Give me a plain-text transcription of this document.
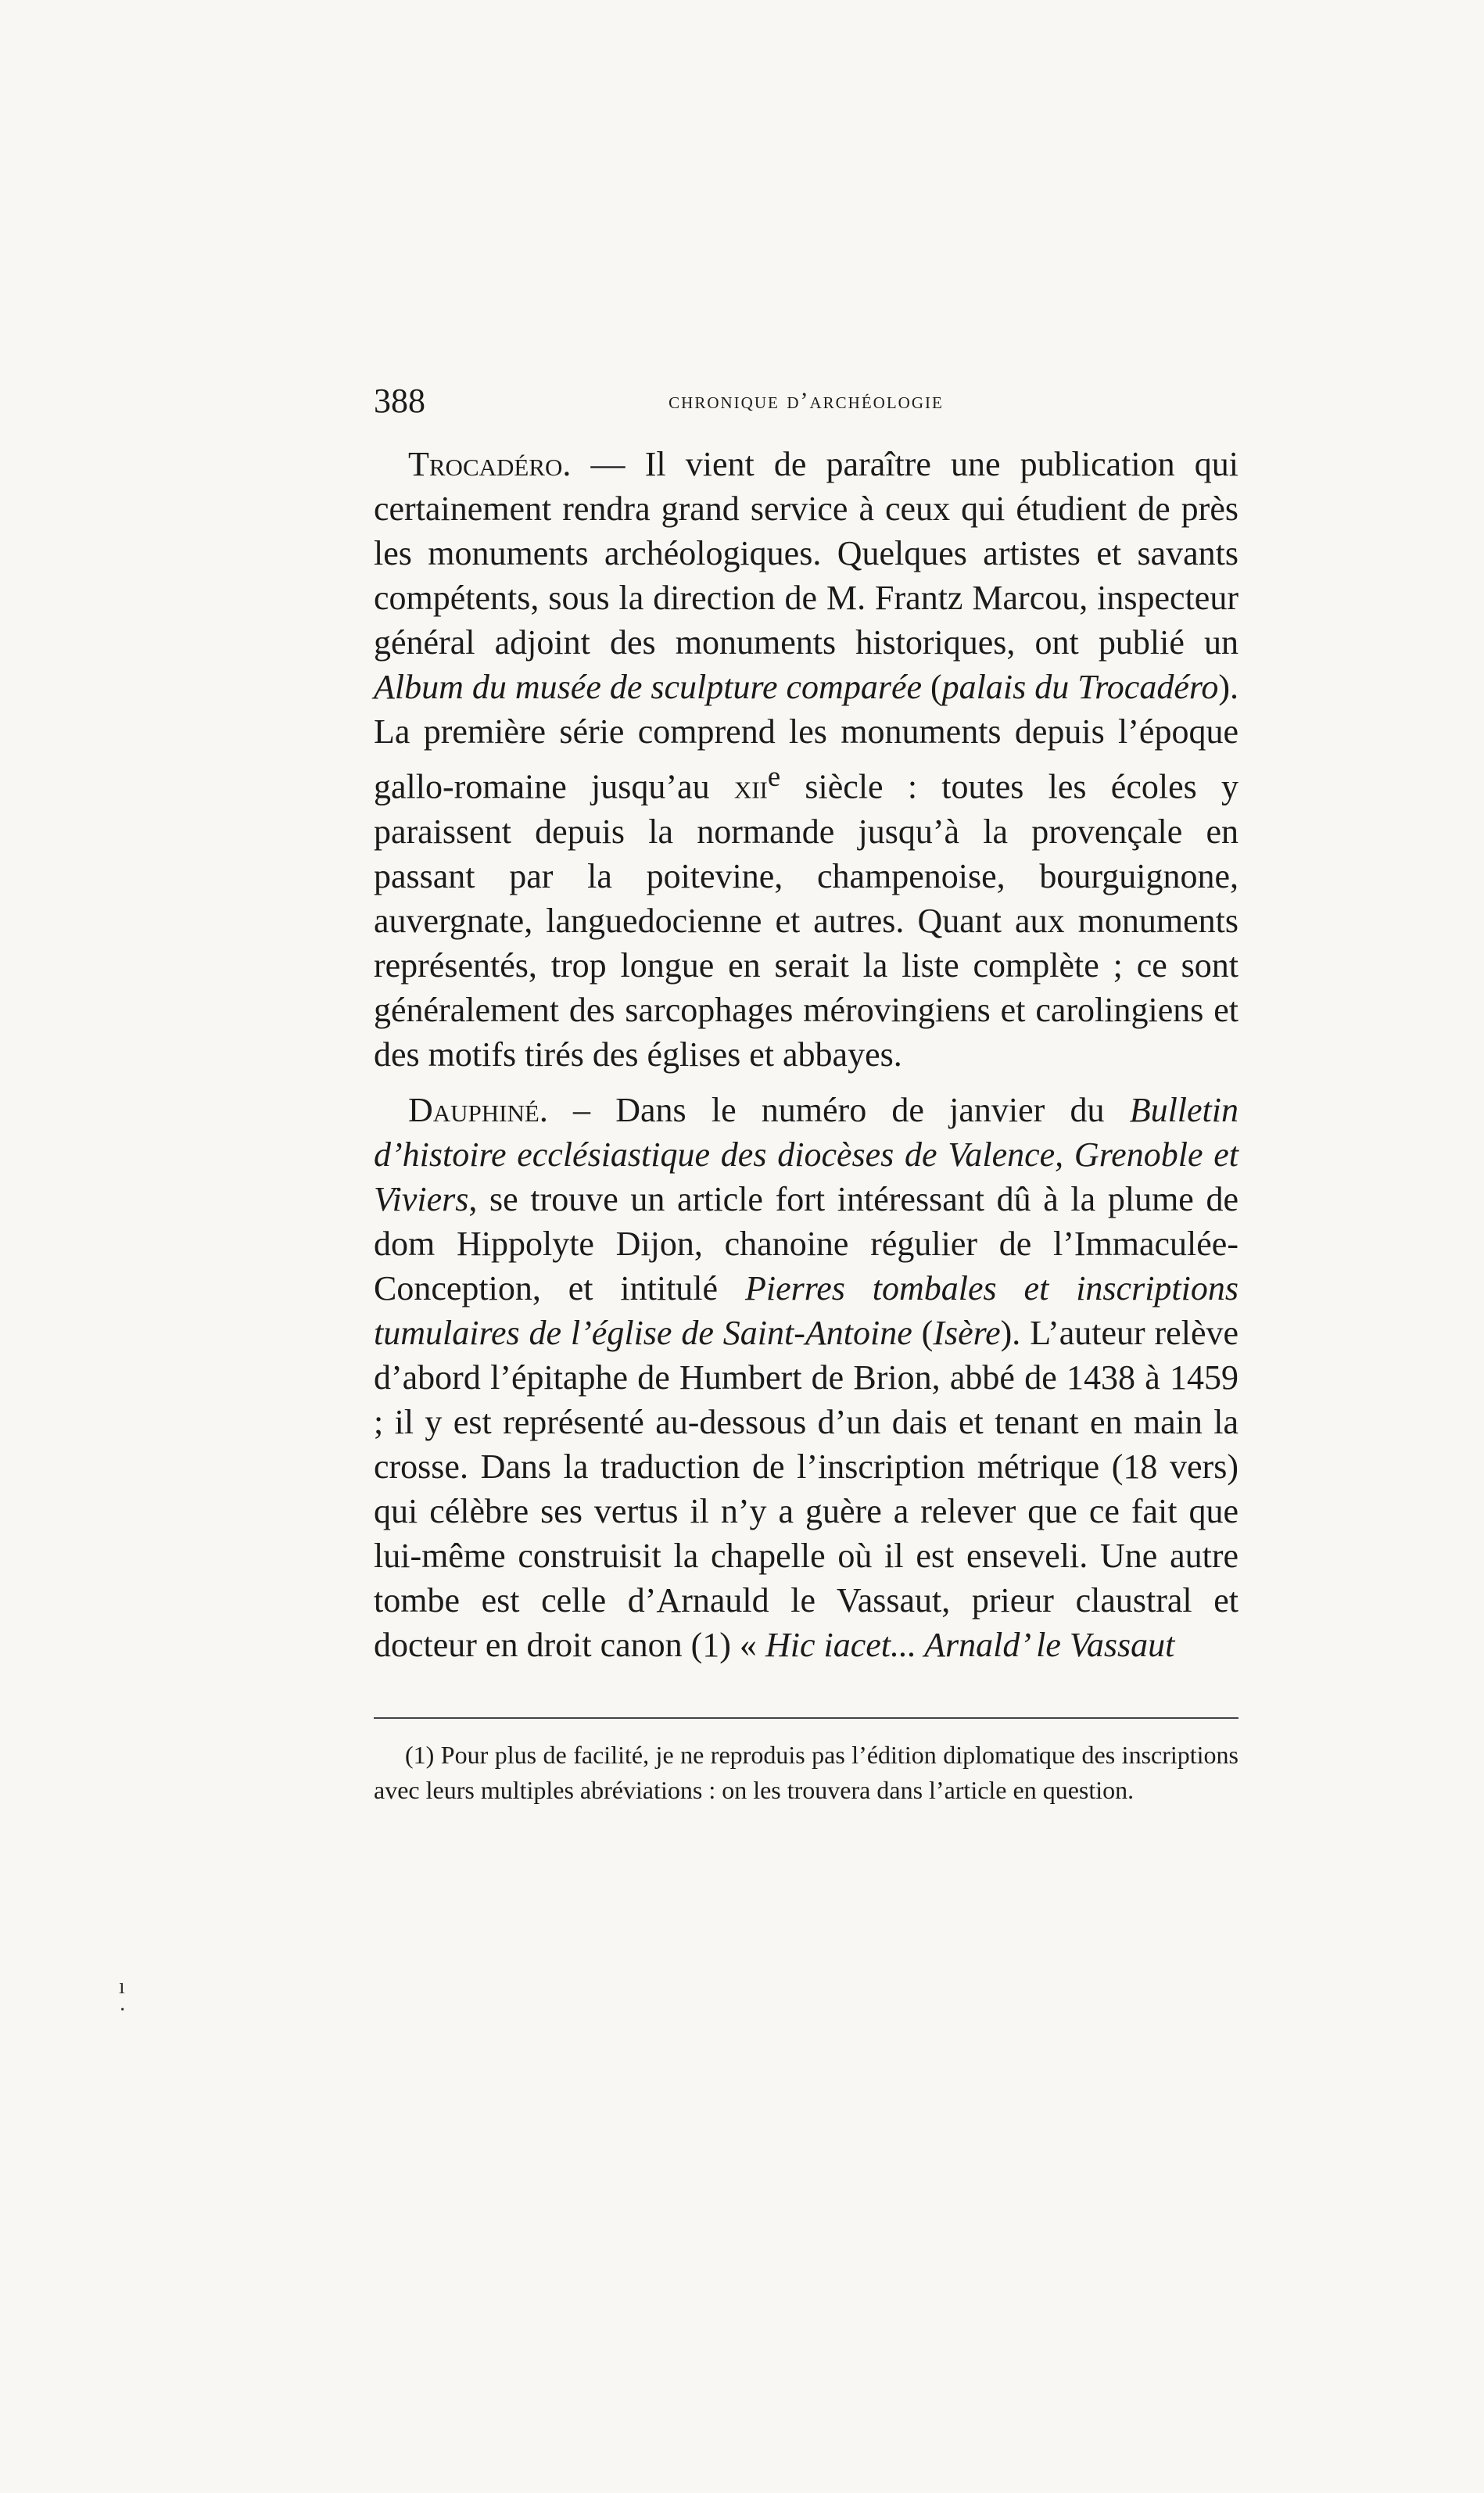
388	chronique d’archéologie

Trocadéro. — Il vient de paraître une publication qui certainement rendra grand service à ceux qui étudient de près les monuments archéologiques. Quelques artistes et savants compétents, sous la direction de M. Frantz Marcou, inspecteur général adjoint des monuments historiques, ont publié un Album du musée de sculpture comparée (palais du Trocadéro). La première série comprend les monuments depuis l’époque gallo-romaine jusqu’au xii$^e$ siècle : toutes les écoles y paraissent depuis la normande jusqu’à la provençale en passant par la poitevine, champenoise, bourguignone, auvergnate, languedocienne et autres. Quant aux monuments représentés, trop longue en serait la liste complète ; ce sont généralement des sarcophages mérovingiens et carolingiens et des motifs tirés des églises et abbayes.

Dauphiné. – Dans le numéro de janvier du Bulletin d’histoire ecclésiastique des diocèses de Valence, Grenoble et Viviers, se trouve un article fort intéressant dû à la plume de dom Hippolyte Dijon, chanoine régulier de l’Immaculée-Conception, et intitulé Pierres tombales et inscriptions tumulaires de l’église de Saint-Antoine (Isère). L’auteur relève d’abord l’épitaphe de Humbert de Brion, abbé de 1438 à 1459 ; il y est représenté au-dessous d’un dais et tenant en main la crosse. Dans la traduction de l’inscription métrique (18 vers) qui célèbre ses vertus il n’y a guère a relever que ce fait que lui-même construisit la chapelle où il est enseveli. Une autre tombe est celle d’Arnauld le Vassaut, prieur claustral et docteur en droit canon (1) « Hic iacet... Arnald’ le Vassaut

(1) Pour plus de facilité, je ne reproduis pas l’édition diplomatique des inscriptions avec leurs multiples abréviations : on les trouvera dans l’article en question.

ı
·
